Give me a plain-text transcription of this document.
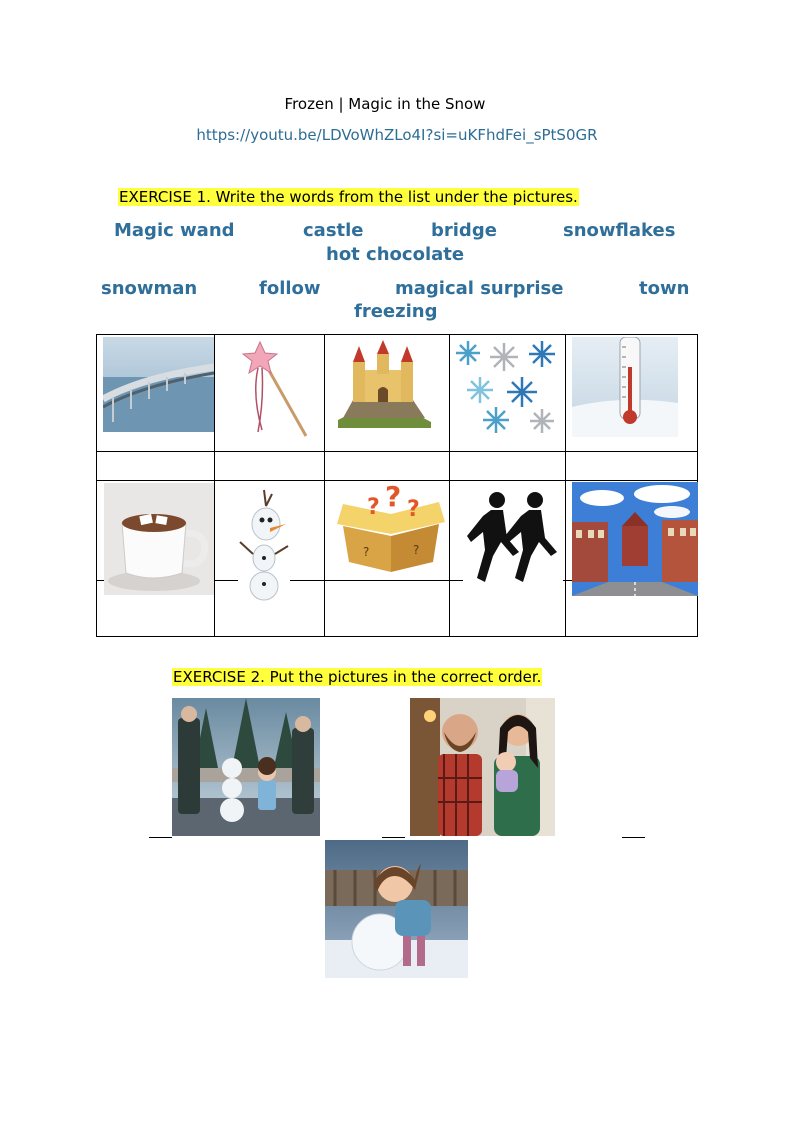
Frozen | Magic in the Snow
https://youtu.be/LDVoWhZLo4I?si=uKFhdFei_sPtS0GR
EXERCISE 1. Write the words from the list under the pictures.
Magic wand	castle	bridge	snowflakes
hot chocolate
snowman	follow	magical surprise	town
freezing
? ? ?
?	?
EXERCISE 2. Put the pictures in the correct order.
